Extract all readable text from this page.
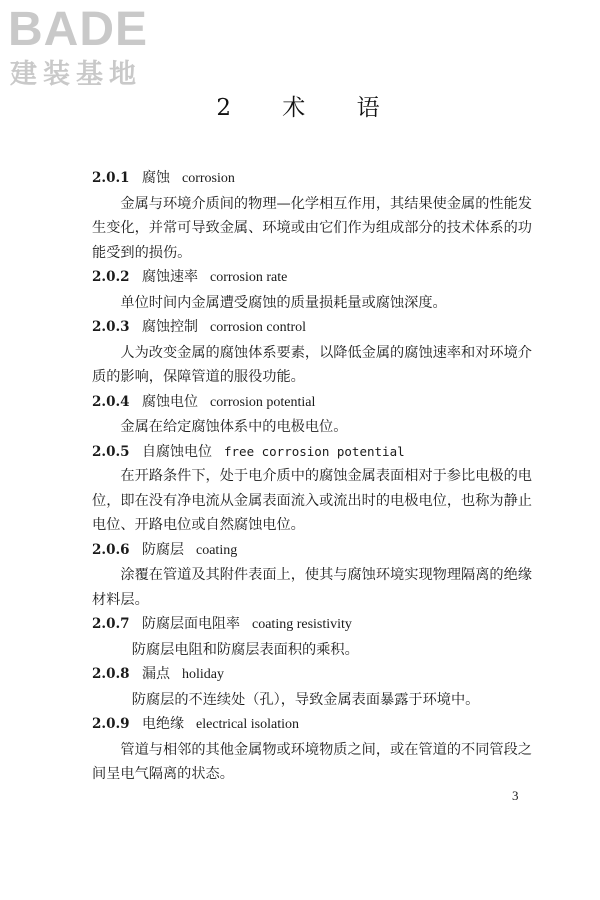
BADE
建装基地
2 术 语
2.0.1 腐蚀 corrosion

金属与环境介质间的物理—化学相互作用，其结果使金属的性能发生变化，并常可导致金属、环境或由它们作为组成部分的技术体系的功能受到的损伤。

2.0.2 腐蚀速率 corrosion rate

单位时间内金属遭受腐蚀的质量损耗量或腐蚀深度。

2.0.3 腐蚀控制 corrosion control

人为改变金属的腐蚀体系要素，以降低金属的腐蚀速率和对环境介质的影响，保障管道的服役功能。

2.0.4 腐蚀电位 corrosion potential

金属在给定腐蚀体系中的电极电位。

2.0.5 自腐蚀电位 free corrosion potential

在开路条件下，处于电介质中的腐蚀金属表面相对于参比电极的电位，即在没有净电流从金属表面流入或流出时的电极电位，也称为静止电位、开路电位或自然腐蚀电位。

2.0.6 防腐层 coating

涂覆在管道及其附件表面上，使其与腐蚀环境实现物理隔离的绝缘材料层。

2.0.7 防腐层面电阻率 coating resistivity

防腐层电阻和防腐层表面积的乘积。

2.0.8 漏点 holiday

防腐层的不连续处（孔），导致金属表面暴露于环境中。

2.0.9 电绝缘 electrical isolation

管道与相邻的其他金属物或环境物质之间，或在管道的不同管段之间呈电气隔离的状态。

3
